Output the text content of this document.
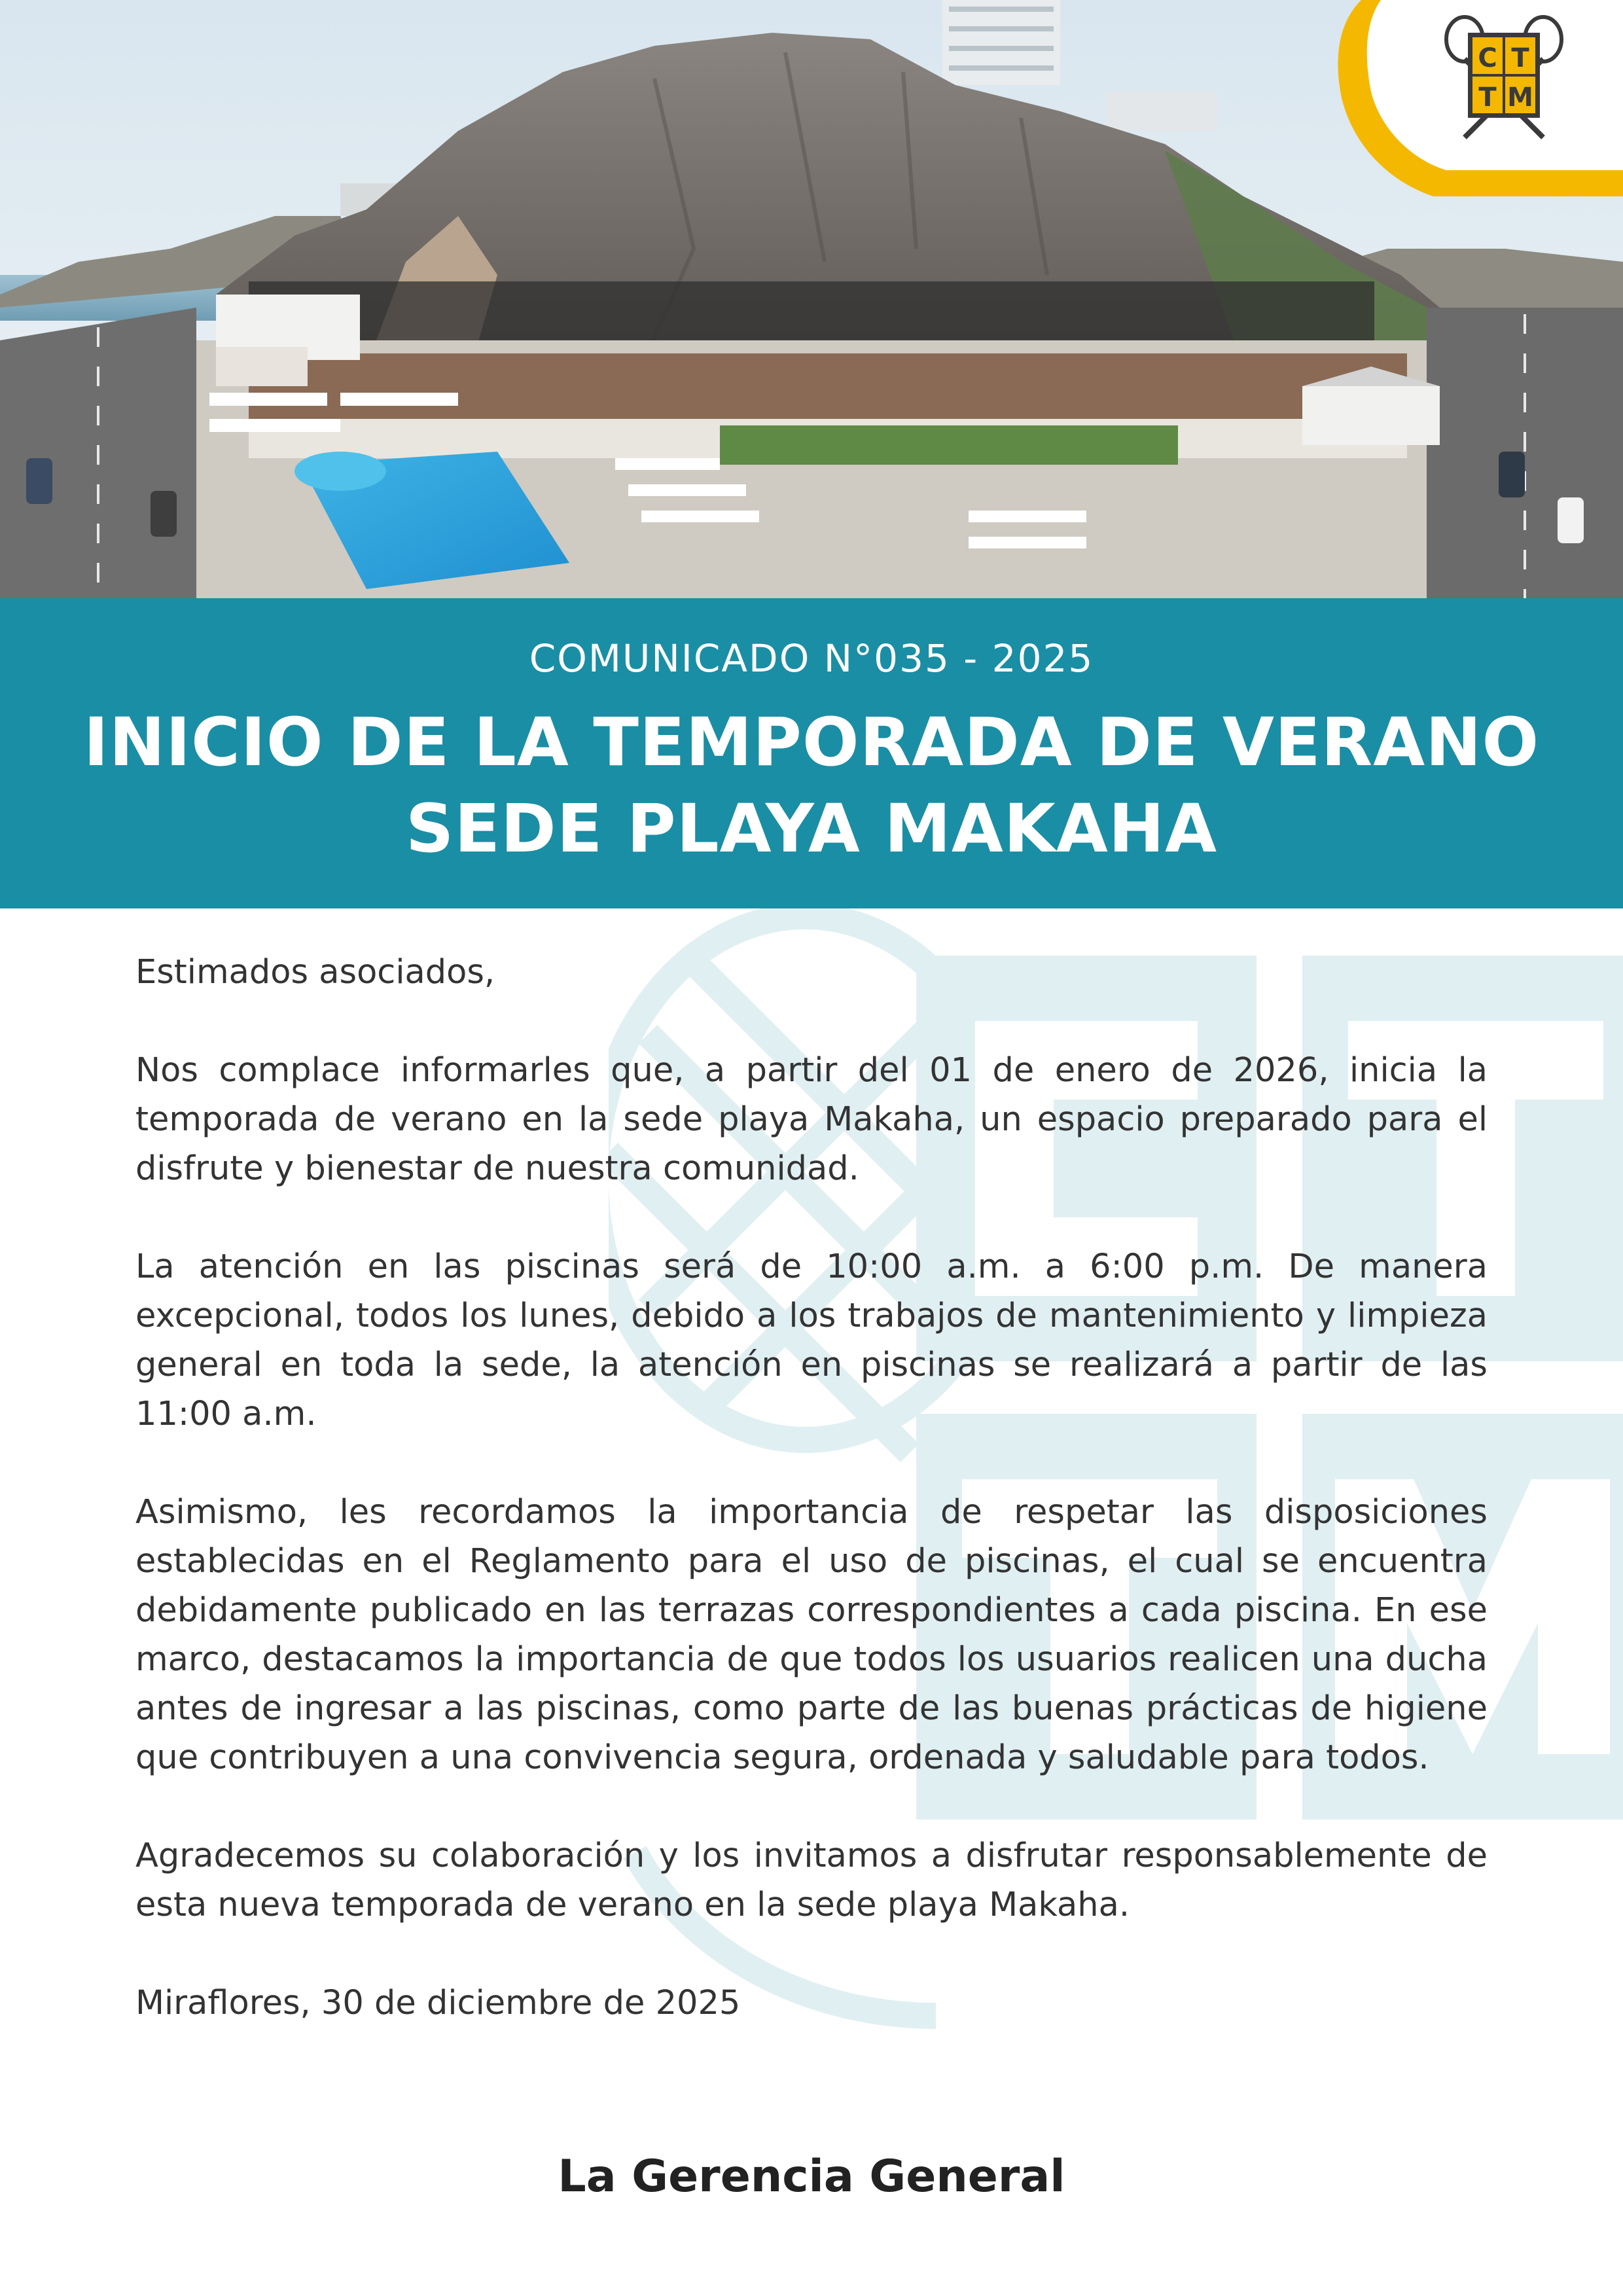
C T
T M
COMUNICADO N°035 - 2025
INICIO DE LA TEMPORADA DE VERANO
SEDE PLAYA MAKAHA

Estimados asociados,

Nos complace informarles que, a partir del 01 de enero de 2026, inicia la temporada de verano en la sede playa Makaha, un espacio preparado para el disfrute y bienestar de nuestra comunidad.

La atención en las piscinas será de 10:00 a.m. a 6:00 p.m. De manera excepcional, todos los lunes, debido a los trabajos de mantenimiento y limpieza general en toda la sede, la atención en piscinas se realizará a partir de las 11:00 a.m.

Asimismo, les recordamos la importancia de respetar las disposiciones establecidas en el Reglamento para el uso de piscinas, el cual se encuentra debidamente publicado en las terrazas correspondientes a cada piscina. En ese marco, destacamos la importancia de que todos los usuarios realicen una ducha antes de ingresar a las piscinas, como parte de las buenas prácticas de higiene que contribuyen a una convivencia segura, ordenada y saludable para todos.

Agradecemos su colaboración y los invitamos a disfrutar responsablemente de esta nueva temporada de verano en la sede playa Makaha.

Miraflores, 30 de diciembre de 2025

La Gerencia General
